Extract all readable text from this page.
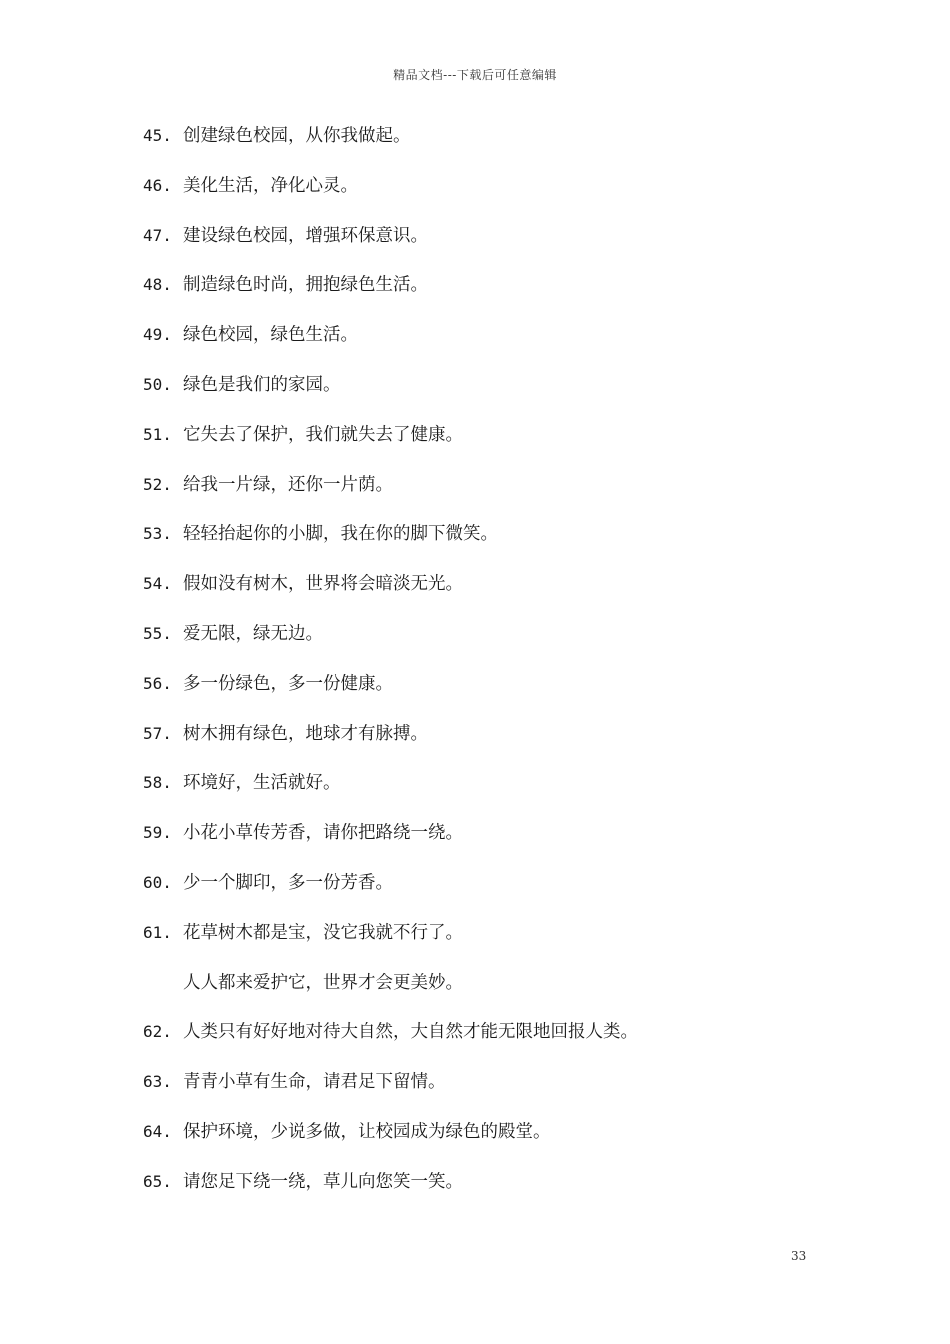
精品文档---下载后可任意编辑
45. 创建绿色校园，从你我做起。
46. 美化生活，净化心灵。
47. 建设绿色校园，增强环保意识。
48. 制造绿色时尚，拥抱绿色生活。
49. 绿色校园，绿色生活。
50. 绿色是我们的家园。
51. 它失去了保护，我们就失去了健康。
52. 给我一片绿，还你一片荫。
53. 轻轻抬起你的小脚，我在你的脚下微笑。
54. 假如没有树木，世界将会暗淡无光。
55. 爱无限，绿无边。
56. 多一份绿色，多一份健康。
57. 树木拥有绿色，地球才有脉搏。
58. 环境好，生活就好。
59. 小花小草传芳香，请你把路绕一绕。
60. 少一个脚印，多一份芳香。
61. 花草树木都是宝，没它我就不行了。
人人都来爱护它，世界才会更美妙。
62. 人类只有好好地对待大自然，大自然才能无限地回报人类。
63. 青青小草有生命，请君足下留情。
64. 保护环境，少说多做，让校园成为绿色的殿堂。
65. 请您足下绕一绕，草儿向您笑一笑。
33
